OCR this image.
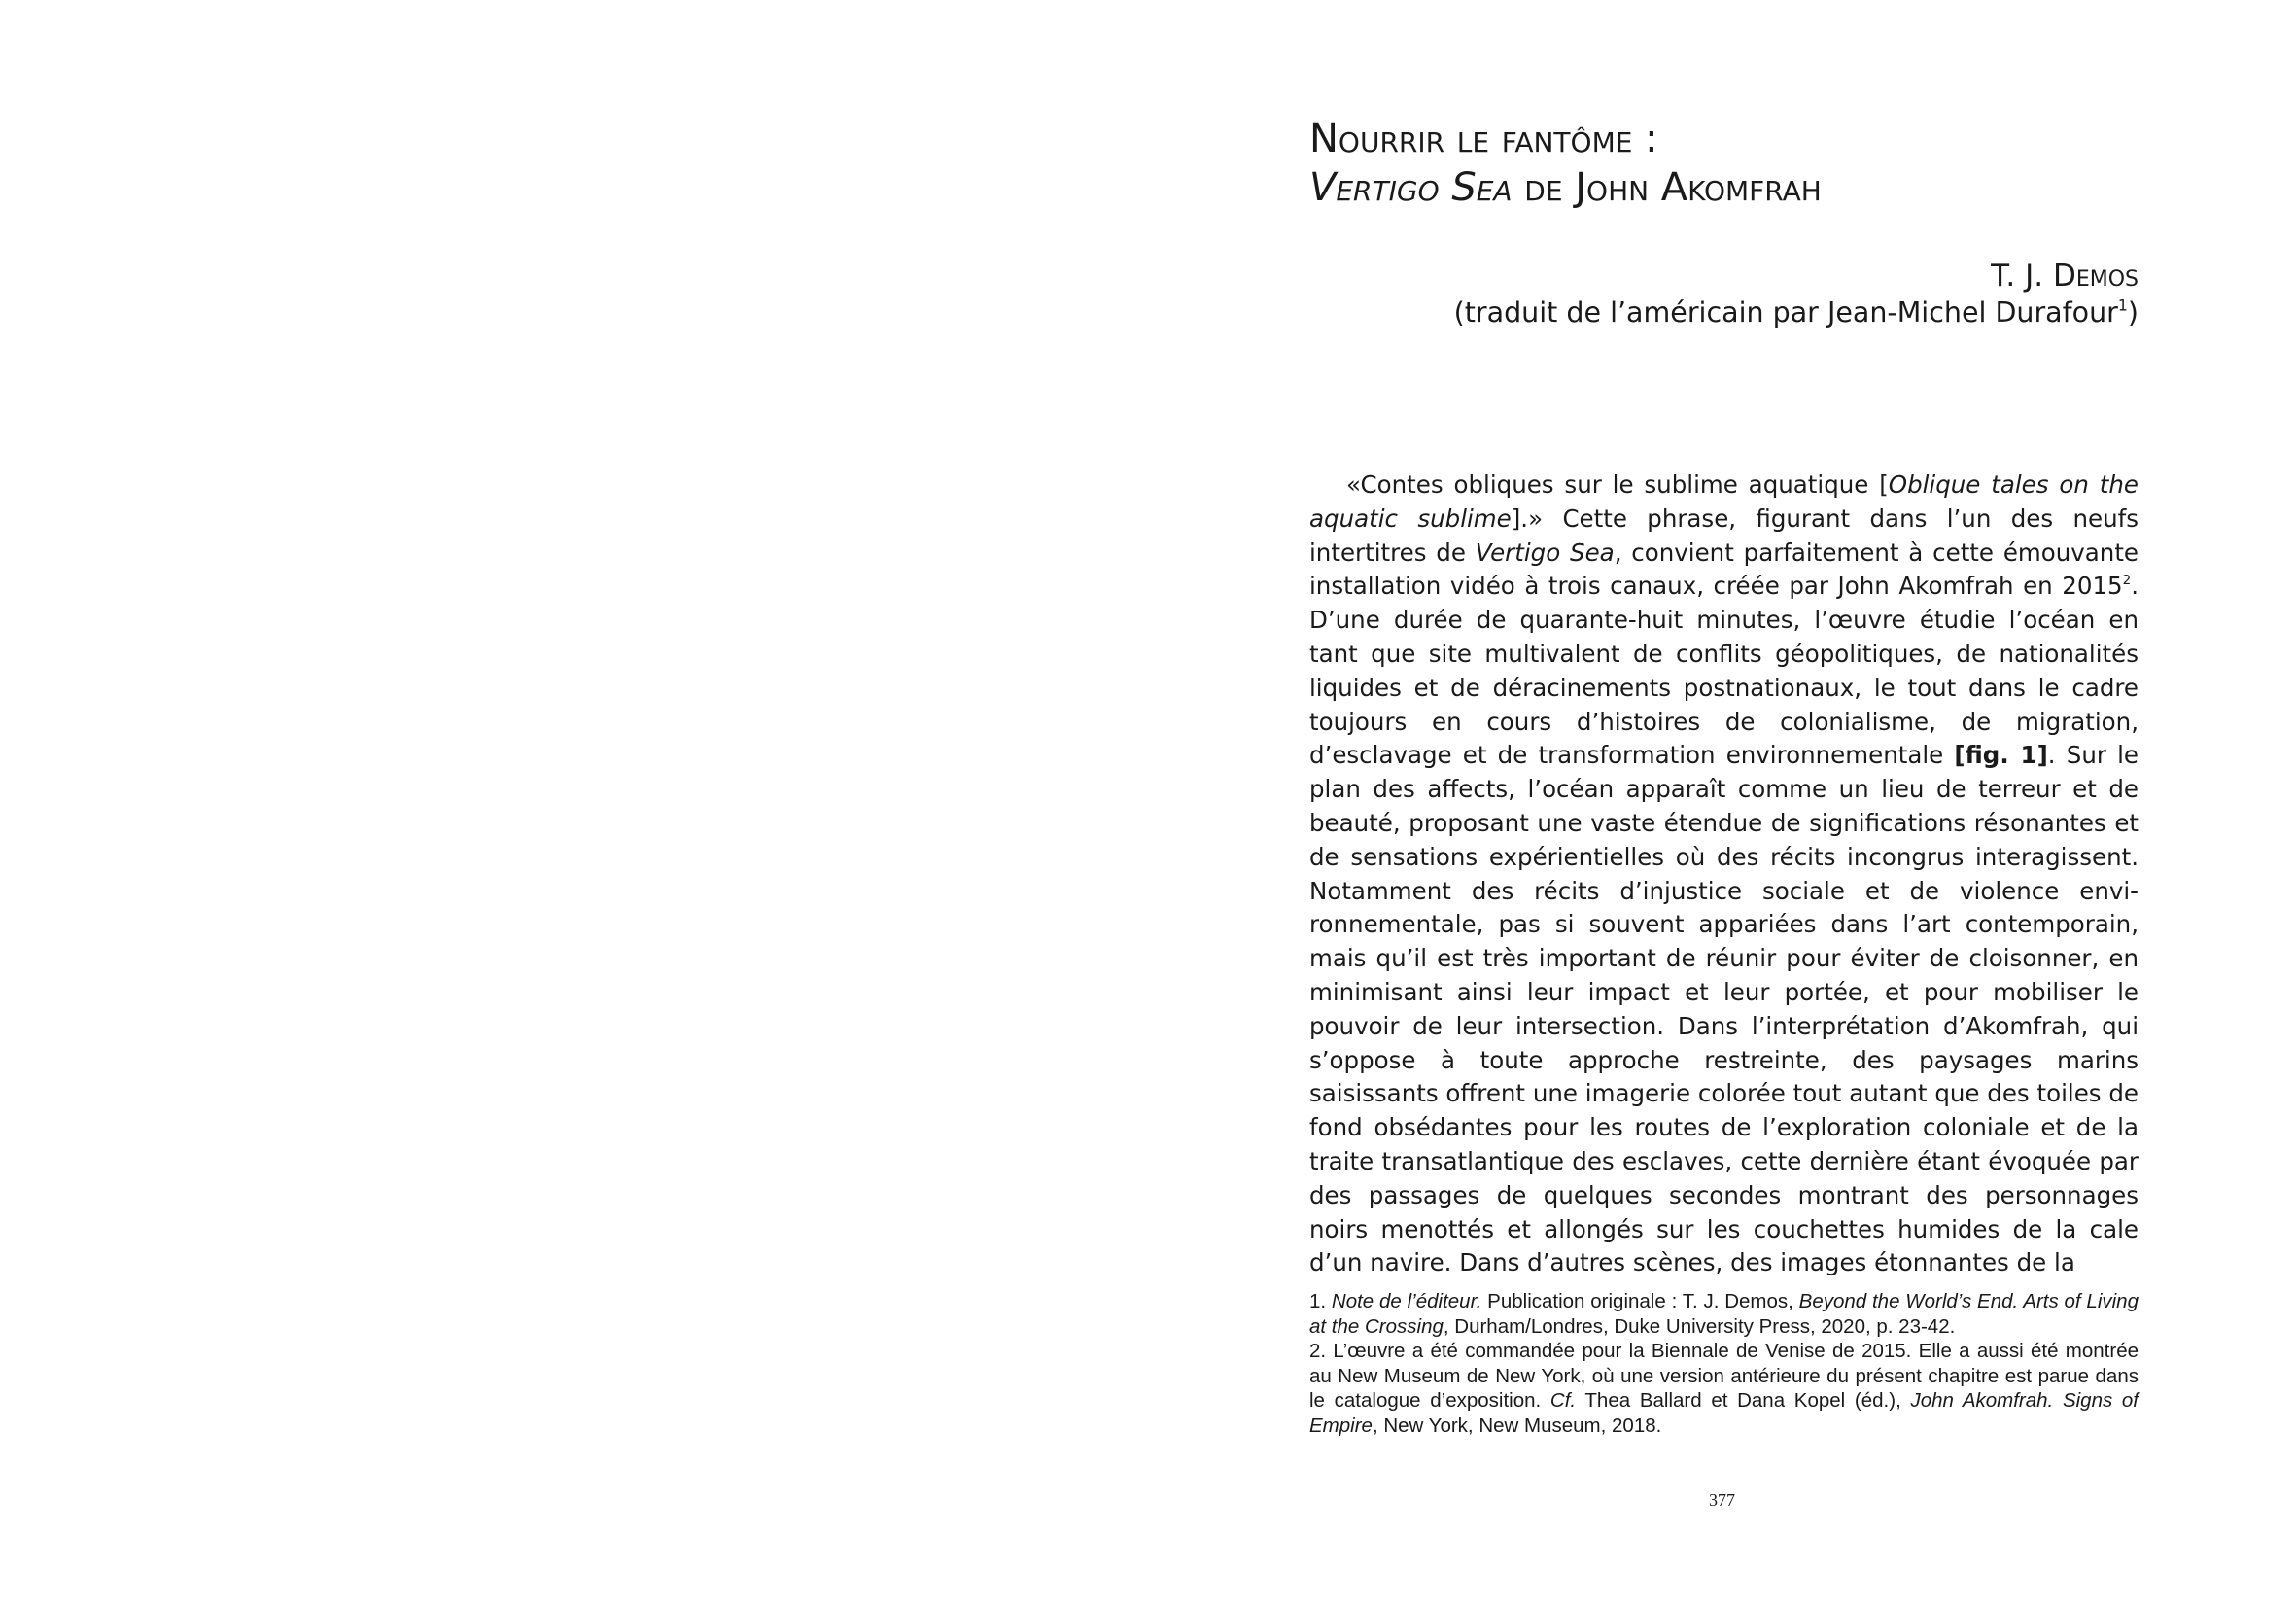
Nourrir le fantôme :
Vertigo Sea de John Akomfrah
T. J. Demos
(traduit de l’américain par Jean-Michel Durafour$^1$)

«Contes obliques sur le sublime aquatique [Oblique tales on the aquatic sublime].» Cette phrase, figurant dans l’un des neufs intertitres de Vertigo Sea, convient parfaitement à cette émouvante installation vidéo à trois canaux, créée par John Akomfrah en 2015$^2$. D’une durée de quarante-huit minutes, l’œuvre étudie l’océan en tant que site multivalent de conflits géopolitiques, de nationalités liquides et de déracinements postnationaux, le tout dans le cadre toujours en cours d’histoires de colonialisme, de migration, d’esclavage et de transformation environnementale [fig. 1]. Sur le plan des affects, l’océan apparaît comme un lieu de terreur et de beauté, proposant une vaste étendue de significations résonantes et de sensations expérientielles où des récits incongrus interagissent. Notamment des récits d’injustice sociale et de violence environnementale, pas si souvent appariées dans l’art contemporain, mais qu’il est très important de réunir pour éviter de cloisonner, en minimisant ainsi leur impact et leur portée, et pour mobiliser le pouvoir de leur intersection. Dans l’interprétation d’Akomfrah, qui s’oppose à toute approche restreinte, des paysages marins saisissants offrent une imagerie colorée tout autant que des toiles de fond obsédantes pour les routes de l’exploration coloniale et de la traite transatlantique des esclaves, cette dernière étant évoquée par des passages de quelques secondes montrant des personnages noirs menottés et allongés sur les couchettes humides de la cale d’un navire. Dans d’autres scènes, des images étonnantes de la

1. Note de l’éditeur. Publication originale : T. J. Demos, Beyond the World’s End. Arts of Living at the Crossing, Durham/Londres, Duke University Press, 2020, p. 23-42.

2. L’œuvre a été commandée pour la Biennale de Venise de 2015. Elle a aussi été montrée au New Museum de New York, où une version antérieure du présent chapitre est parue dans le catalogue d’exposition. Cf. Thea Ballard et Dana Kopel (éd.), John Akomfrah. Signs of Empire, New York, New Museum, 2018.

377
